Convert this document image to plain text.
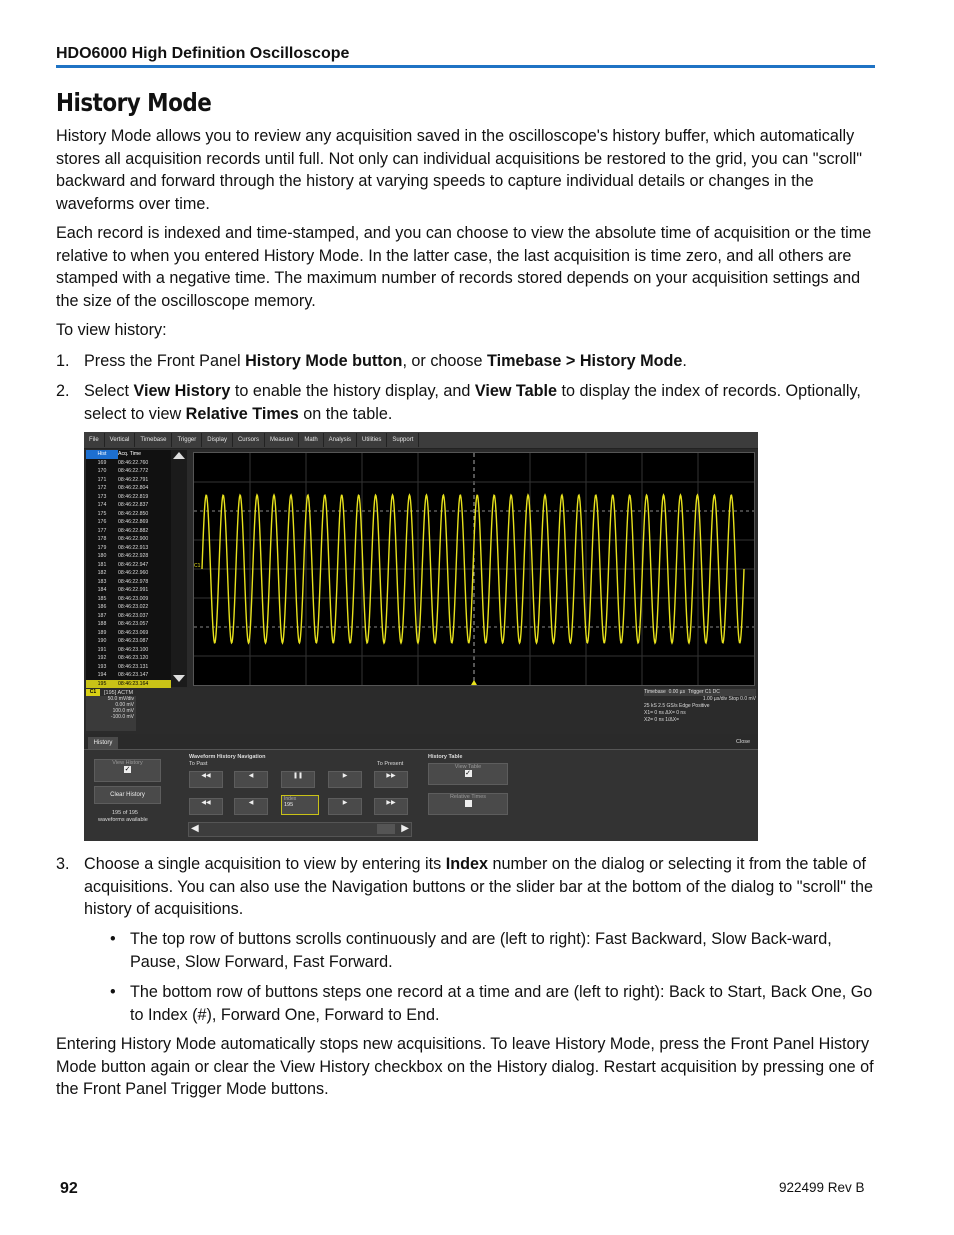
HDO6000 High Definition Oscilloscope
History Mode

History Mode allows you to review any acquisition saved in the oscilloscope's history buffer, which automatically stores all acquisition records until full. Not only can individual acquisitions be restored to the grid, you can "scroll" backward and forward through the history at varying speeds to capture individual details or changes in the waveforms over time.

Each record is indexed and time-stamped, and you can choose to view the absolute time of acquisition or the time relative to when you entered History Mode. In the latter case, the last acquisition is time zero, and all others are stamped with a negative time. The maximum number of records stored depends on your acquisition settings and the size of the oscilloscope memory.

To view history:

1. Press the Front Panel History Mode button, or choose Timebase > History Mode.
2. Select View History to enable the history display, and View Table to display the index of records. Optionally, select to view Relative Times on the table.
File	Vertical	Timebase	Trigger	Display	Cursors	Measure	Math	Analysis	Utilities	Support
Hist	Acq. Time
169	08:46:22.760
170	08:46:22.772
171	08:46:22.791
172	08:46:22.804
173	08:46:22.819
174	08:46:22.837
175	08:46:22.850
176	08:46:22.869
177	08:46:22.882
178	08:46:22.900
179	08:46:22.913
180	08:46:22.928
181	08:46:22.947
182	08:46:22.960
183	08:46:22.978
184	08:46:22.991
185	08:46:23.009
186	08:46:23.022
187	08:46:23.037
188	08:46:23.057
189	08:46:23.069
190	08:46:23.087
191	08:46:23.100
192	08:46:23.120
193	08:46:23.131
194	08:46:23.147
195	08:46:23.164
C1
C1	[195] ACTM
50.0 mV/div
0.00 mV
100.0 mV
-100.0 mV
Timebase 0.00 µs Trigger C1 DC
1.00 µs/div Stop 0.0 mV
25 kS 2.5 GS/s Edge Positive
X1= 0 ns ΔX= 0 ns
X2= 0 ns 1/ΔX=
History	Close
View History
✓
Clear History
195 of 195
waveforms available
Waveform History Navigation
To Past	To Present
◀◀	◀	❚❚	▶	▶▶
◀◀	◀
Index
195	▶	▶▶
◀	▶
History Table
View Table
✓
Relative Times
3. Choose a single acquisition to view by entering its Index number on the dialog or selecting it from the table of acquisitions. You can also use the Navigation buttons or the slider bar at the bottom of the dialog to "scroll" the history of acquisitions.
• The top row of buttons scrolls continuously and are (left to right): Fast Backward, Slow Back-ward, Pause, Slow Forward, Fast Forward.
• The bottom row of buttons steps one record at a time and are (left to right): Back to Start, Back One, Go to Index (#), Forward One, Forward to End.

Entering History Mode automatically stops new acquisitions. To leave History Mode, press the Front Panel History Mode button again or clear the View History checkbox on the History dialog. Restart acquisition by pressing one of the Front Panel Trigger Mode buttons.

92	922499 Rev B
